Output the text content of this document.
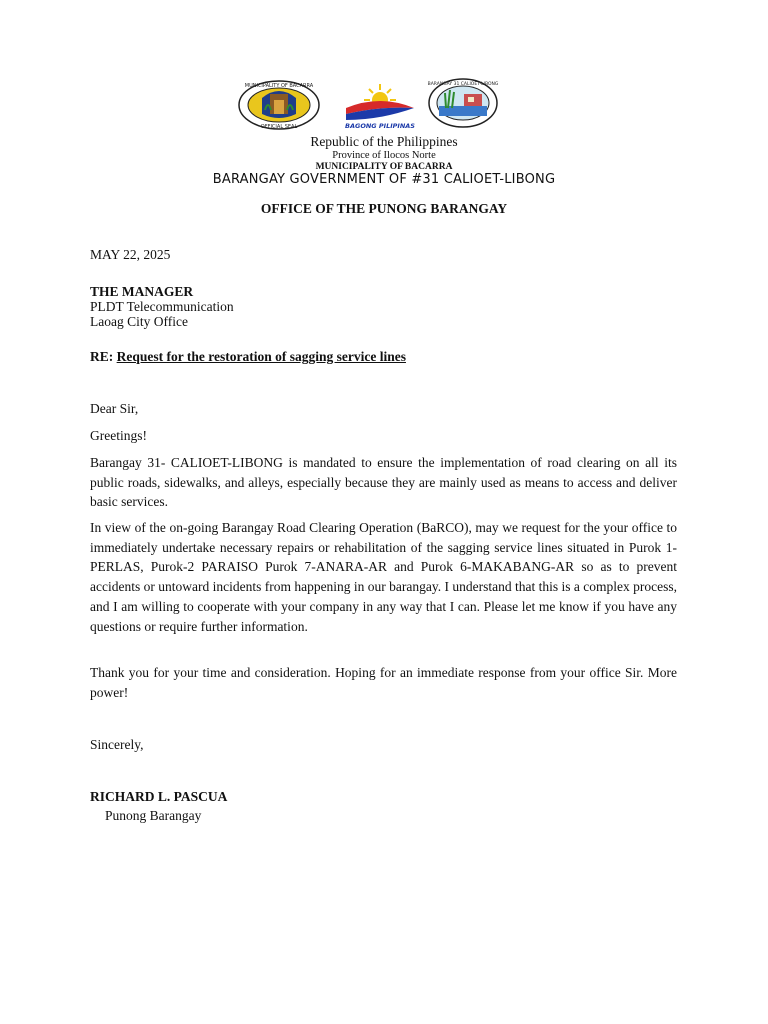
MUNICIPALITY OF BACARRA
OFFICIAL SEAL	BAGONG PILIPINAS
BARANGAY 31 CALIOET-LIBONG
Republic of the Philippines
Province of Ilocos Norte
MUNICIPALITY OF BACARRA
BARANGAY GOVERNMENT OF #31 CALIOET-LIBONG
OFFICE OF THE PUNONG BARANGAY
MAY 22, 2025
THE MANAGER
PLDT Telecommunication
Laoag City Office
RE: Request for the restoration of sagging service lines
Dear Sir,
Greetings!

Barangay 31- CALIOET-LIBONG is mandated to ensure the implementation of road clearing on all its public roads, sidewalks, and alleys, especially because they are mainly used as means to access and deliver basic services.

In view of the on-going Barangay Road Clearing Operation (BaRCO), may we request for the your office to immediately undertake necessary repairs or rehabilitation of the sagging service lines situated in Purok 1-PERLAS, Purok-2 PARAISO Purok 7-ANARA-AR and Purok 6-MAKABANG-AR so as to prevent accidents or untoward incidents from happening in our barangay. I understand that this is a complex process, and I am willing to cooperate with your company in any way that I can. Please let me know if you have any questions or require further information.

Thank you for your time and consideration. Hoping for an immediate response from your office Sir. More power!

Sincerely,
RICHARD L. PASCUA
Punong Barangay
